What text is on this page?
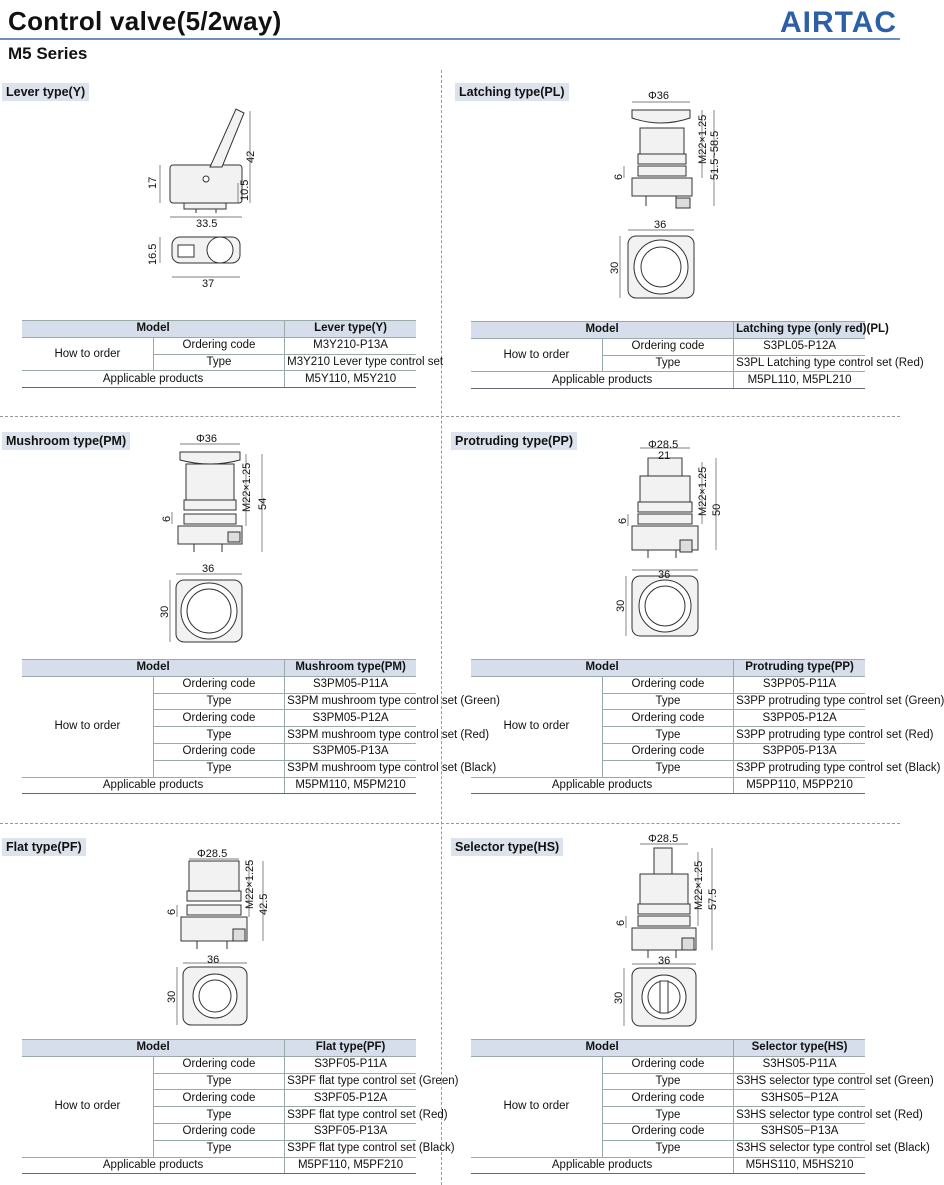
Control valve(5/2way)
M5 Series
AIRTAC
Lever type(Y)	Latching type(PL)
Mushroom type(PM)	Protruding type(PP)
Flat type(PF)	Selector type(HS)
42
17	10.5
33.5
16.5
37
Φ36
M22×1.25 51.5~58.5
6
36
30
Φ36
M22×1.25 54
6
36
30
Φ28.5
21
M22×1.25 50
6
36
30
Φ28.5
M22×1.25 42.5
6
36
30
Φ28.5
M22×1.25 57.5
6
36
30
Model		Lever type(Y)
How to order	Ordering code	M3Y210-P13A
	Type	M3Y210 Lever type control set
Applicable products		M5Y110, M5Y210
Model		Latching type (only red)(PL)
How to order	Ordering code	S3PL05-P12A
	Type	S3PL Latching type control set (Red)
Applicable products		M5PL110, M5PL210
Model		Mushroom type(PM)
How to order	Ordering code	S3PM05-P11A
	Type	S3PM mushroom type control set (Green)
	Ordering code	S3PM05-P12A
	Type	S3PM mushroom type control set (Red)
	Ordering code	S3PM05-P13A
	Type	S3PM mushroom type control set (Black)
Applicable products		M5PM110, M5PM210
Model		Protruding type(PP)
How to order	Ordering code	S3PP05-P11A
	Type	S3PP protruding type control set (Green)
	Ordering code	S3PP05-P12A
	Type	S3PP protruding type control set (Red)
	Ordering code	S3PP05-P13A
	Type	S3PP protruding type control set (Black)
Applicable products		M5PP110, M5PP210
Model		Flat type(PF)
How to order	Ordering code	S3PF05-P11A
	Type	S3PF flat type control set (Green)
	Ordering code	S3PF05-P12A
	Type	S3PF flat type control set (Red)
	Ordering code	S3PF05-P13A
	Type	S3PF flat type control set (Black)
Applicable products		M5PF110, M5PF210
Model		Selector type(HS)
How to order	Ordering code	S3HS05-P11A
	Type	S3HS selector type control set (Green)
	Ordering code	S3HS05−P12A
	Type	S3HS selector type control set (Red)
	Ordering code	S3HS05−P13A
	Type	S3HS selector type control set (Black)
Applicable products		M5HS110, M5HS210
